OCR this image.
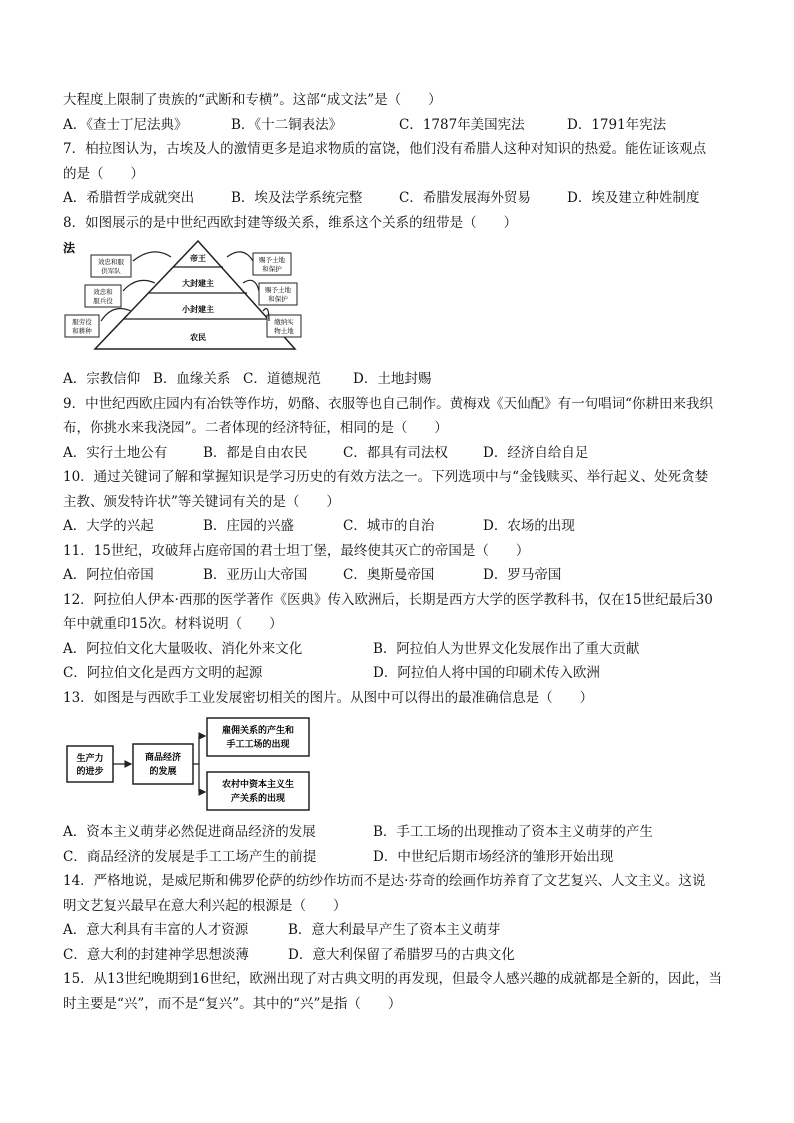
大程度上限制了贵族的“武断和专横”。这部“成文法”是（　　）
A．《查士丁尼法典》	B．《十二铜表法》	C．1787年美国宪法	D．1791年宪法
7．柏拉图认为，古埃及人的激情更多是追求物质的富饶，他们没有希腊人这种对知识的热爱。能佐证该观点
的是（　　）
A．希腊哲学成就突出	B．埃及法学系统完整	C．希腊发展海外贸易	D．埃及建立种姓制度
8．如图展示的是中世纪西欧封建等级关系，维系这个关系的纽带是（　　）
法
帝王
大封建主
小封建主
农民
效忠和服
供军队
效忠和
服兵役
服劳役
和耕种
赐予土地
和保护
赐予土地
和保护
缴纳实
物土地
A．宗教信仰 B．血缘关系 C．道德规范	D．土地封赐
9．中世纪西欧庄园内有冶铁等作坊，奶酪、衣服等也自己制作。黄梅戏《天仙配》有一句唱词“你耕田来我织
布，你挑水来我浇园”。二者体现的经济特征，相同的是（　　）
A．实行土地公有	B．都是自由农民	C．都具有司法权	D．经济自给自足
10．通过关键词了解和掌握知识是学习历史的有效方法之一。下列选项中与“金钱赎买、举行起义、处死贪婪
主教、颁发特许状”等关键词有关的是（　　）
A．大学的兴起	B．庄园的兴盛	C．城市的自治	D．农场的出现
11．15世纪，攻破拜占庭帝国的君士坦丁堡，最终使其灭亡的帝国是（　　）
A．阿拉伯帝国	B．亚历山大帝国	C．奥斯曼帝国	D．罗马帝国
12．阿拉伯人伊本·西那的医学著作《医典》传入欧洲后，长期是西方大学的医学教科书，仅在15世纪最后30
年中就重印15次。材料说明（　　）
A．阿拉伯文化大量吸收、消化外来文化	B．阿拉伯人为世界文化发展作出了重大贡献
C．阿拉伯文化是西方文明的起源	D．阿拉伯人将中国的印刷术传入欧洲
13．如图是与西欧手工业发展密切相关的图片。从图中可以得出的最准确信息是（　　）
生产力
的进步
商品经济
的发展
雇佣关系的产生和
手工工场的出现
农村中资本主义生
产关系的出现
A．资本主义萌芽必然促进商品经济的发展	B．手工工场的出现推动了资本主义萌芽的产生
C．商品经济的发展是手工工场产生的前提	D．中世纪后期市场经济的雏形开始出现
14．严格地说，是威尼斯和佛罗伦萨的纺纱作坊而不是达·芬奇的绘画作坊养育了文艺复兴、人文主义。这说
明文艺复兴最早在意大利兴起的根源是（　　）
A．意大利具有丰富的人才资源	B．意大利最早产生了资本主义萌芽
C．意大利的封建神学思想淡薄	D．意大利保留了希腊罗马的古典文化
15．从13世纪晚期到16世纪，欧洲出现了对古典文明的再发现，但最令人感兴趣的成就都是全新的，因此，当
时主要是“兴”，而不是“复兴”。其中的“兴”是指（　　）
